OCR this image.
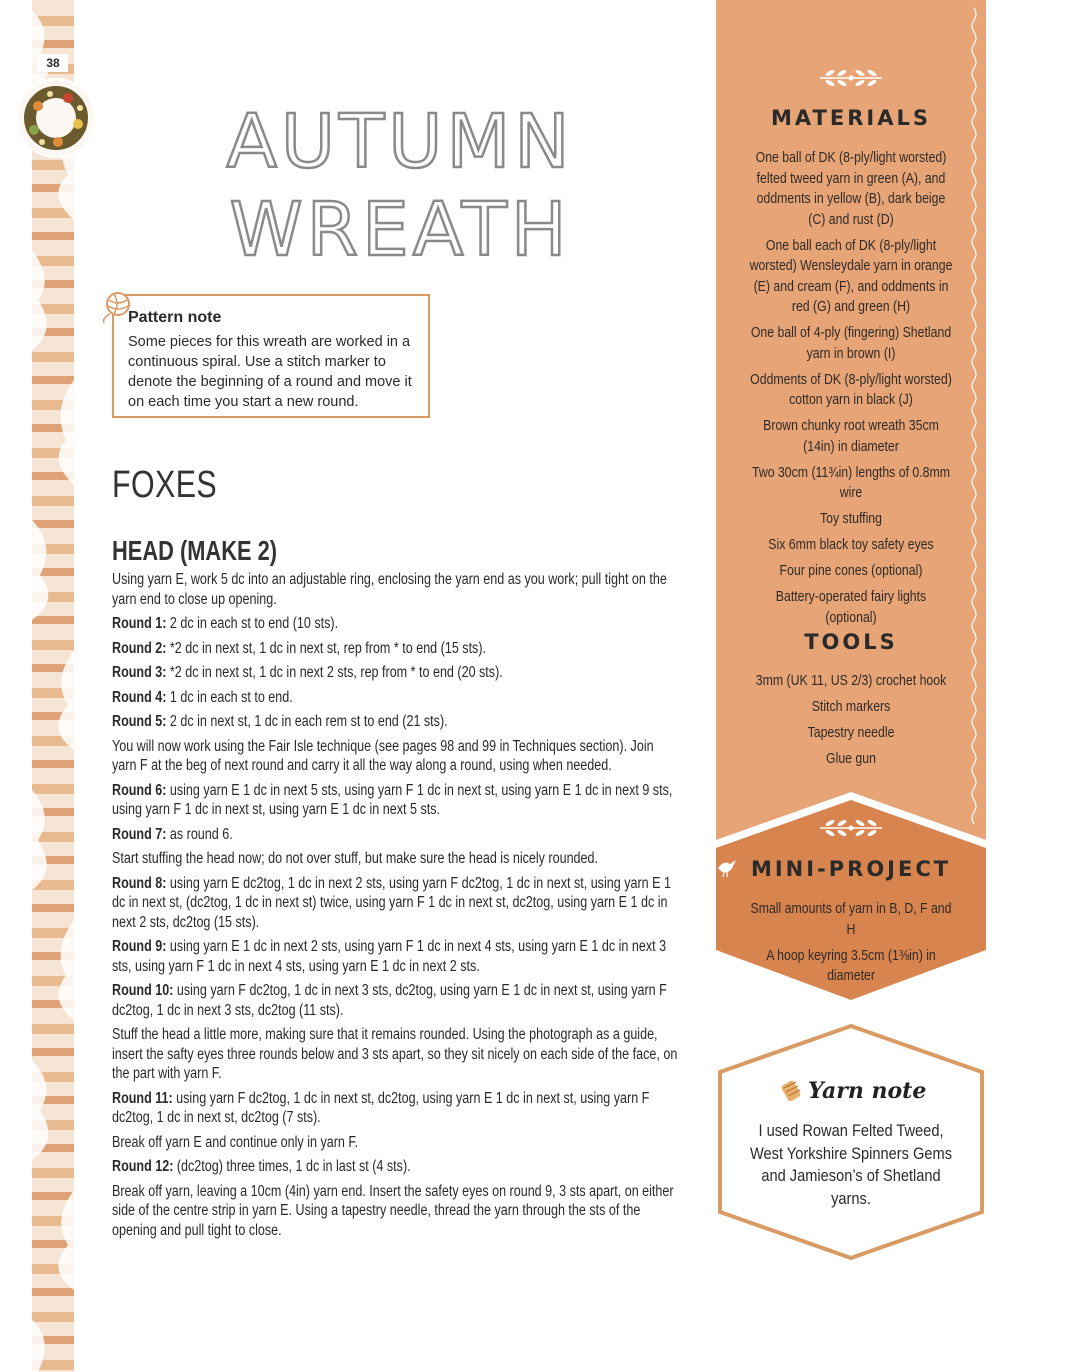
38
AUTUMN
WREATH
Pattern note

Some pieces for this wreath are worked in a continuous spiral. Use a stitch marker to denote the beginning of a round and move it on each time you start a new round.

FOXES
HEAD (MAKE 2)

Using yarn E, work 5 dc into an adjustable ring, enclosing the yarn end as you work; pull tight on the yarn end to close up opening.

Round 1: 2 dc in each st to end (10 sts).

Round 2: *2 dc in next st, 1 dc in next st, rep from * to end (15 sts).

Round 3: *2 dc in next st, 1 dc in next 2 sts, rep from * to end (20 sts).

Round 4: 1 dc in each st to end.

Round 5: 2 dc in next st, 1 dc in each rem st to end (21 sts).

You will now work using the Fair Isle technique (see pages 98 and 99 in Techniques section). Join yarn F at the beg of next round and carry it all the way along a round, using when needed.

Round 6: using yarn E 1 dc in next 5 sts, using yarn F 1 dc in next st, using yarn E 1 dc in next 9 sts, using yarn F 1 dc in next st, using yarn E 1 dc in next 5 sts.

Round 7: as round 6.

Start stuffing the head now; do not over stuff, but make sure the head is nicely rounded.

Round 8: using yarn E dc2tog, 1 dc in next 2 sts, using yarn F dc2tog, 1 dc in next st, using yarn E 1 dc in next st, (dc2tog, 1 dc in next st) twice, using yarn F 1 dc in next st, dc2tog, using yarn E 1 dc in next 2 sts, dc2tog (15 sts).

Round 9: using yarn E 1 dc in next 2 sts, using yarn F 1 dc in next 4 sts, using yarn E 1 dc in next 3 sts, using yarn F 1 dc in next 4 sts, using yarn E 1 dc in next 2 sts.

Round 10: using yarn F dc2tog, 1 dc in next 3 sts, dc2tog, using yarn E 1 dc in next st, using yarn F dc2tog, 1 dc in next 3 sts, dc2tog (11 sts).

Stuff the head a little more, making sure that it remains rounded. Using the photograph as a guide, insert the safty eyes three rounds below and 3 sts apart, so they sit nicely on each side of the face, on the part with yarn F.

Round 11: using yarn F dc2tog, 1 dc in next st, dc2tog, using yarn E 1 dc in next st, using yarn F dc2tog, 1 dc in next st, dc2tog (7 sts).

Break off yarn E and continue only in yarn F.

Round 12: (dc2tog) three times, 1 dc in last st (4 sts).

Break off yarn, leaving a 10cm (4in) yarn end. Insert the safety eyes on round 9, 3 sts apart, on either side of the centre strip in yarn E. Using a tapestry needle, thread the yarn through the sts of the opening and pull tight to close.

MATERIALS
One ball of DK (8-ply/light worsted) felted tweed yarn in green (A), and oddments in yellow (B), dark beige (C) and rust (D)
One ball each of DK (8-ply/light worsted) Wensleydale yarn in orange (E) and cream (F), and oddments in red (G) and green (H)
One ball of 4-ply (fingering) Shetland yarn in brown (I)
Oddments of DK (8-ply/light worsted) cotton yarn in black (J)
Brown chunky root wreath 35cm (14in) in diameter
Two 30cm (11¾in) lengths of 0.8mm wire
Toy stuffing
Six 6mm black toy safety eyes
Four pine cones (optional)
Battery-operated fairy lights (optional)
TOOLS
3mm (UK 11, US 2/3) crochet hook
Stitch markers
Tapestry needle
Glue gun
MINI-PROJECT
Small amounts of yarn in B, D, F and H
A hoop keyring 3.5cm (1⅜in) in diameter
Yarn note
I used Rowan Felted Tweed, West Yorkshire Spinners Gems and Jamieson’s of Shetland yarns.
